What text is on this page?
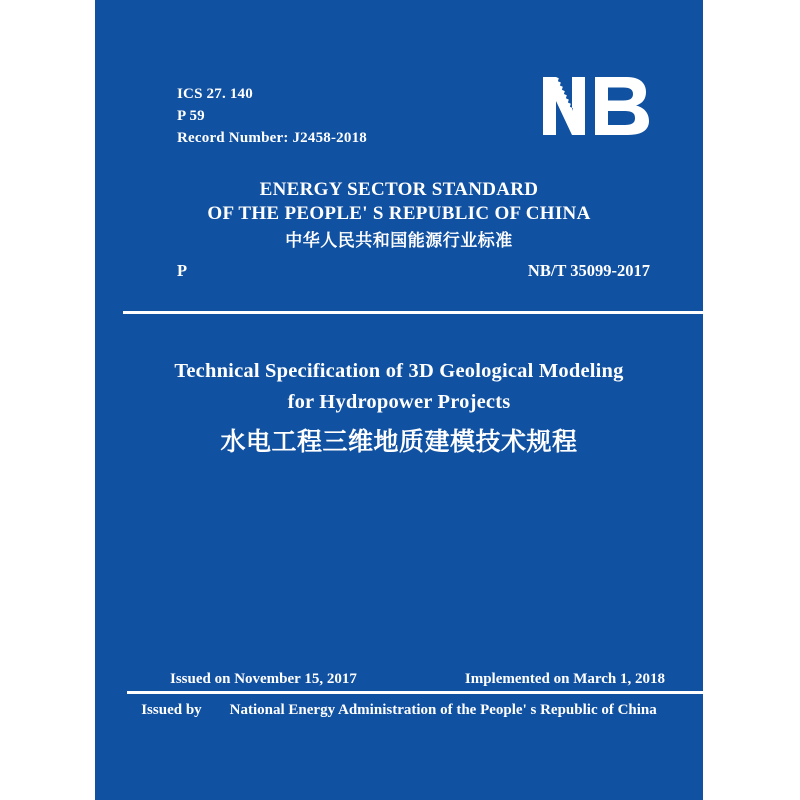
ICS 27. 140
P 59
Record Number: J2458-2018
ENERGY SECTOR STANDARD
OF THE PEOPLE' S REPUBLIC OF CHINA
中华人民共和国能源行业标准
P	NB/T 35099-2017
Technical Specification of 3D Geological Modeling
for Hydropower Projects
水电工程三维地质建模技术规程
Issued on November 15, 2017	Implemented on March 1, 2018
Issued by National Energy Administration of the People' s Republic of China
